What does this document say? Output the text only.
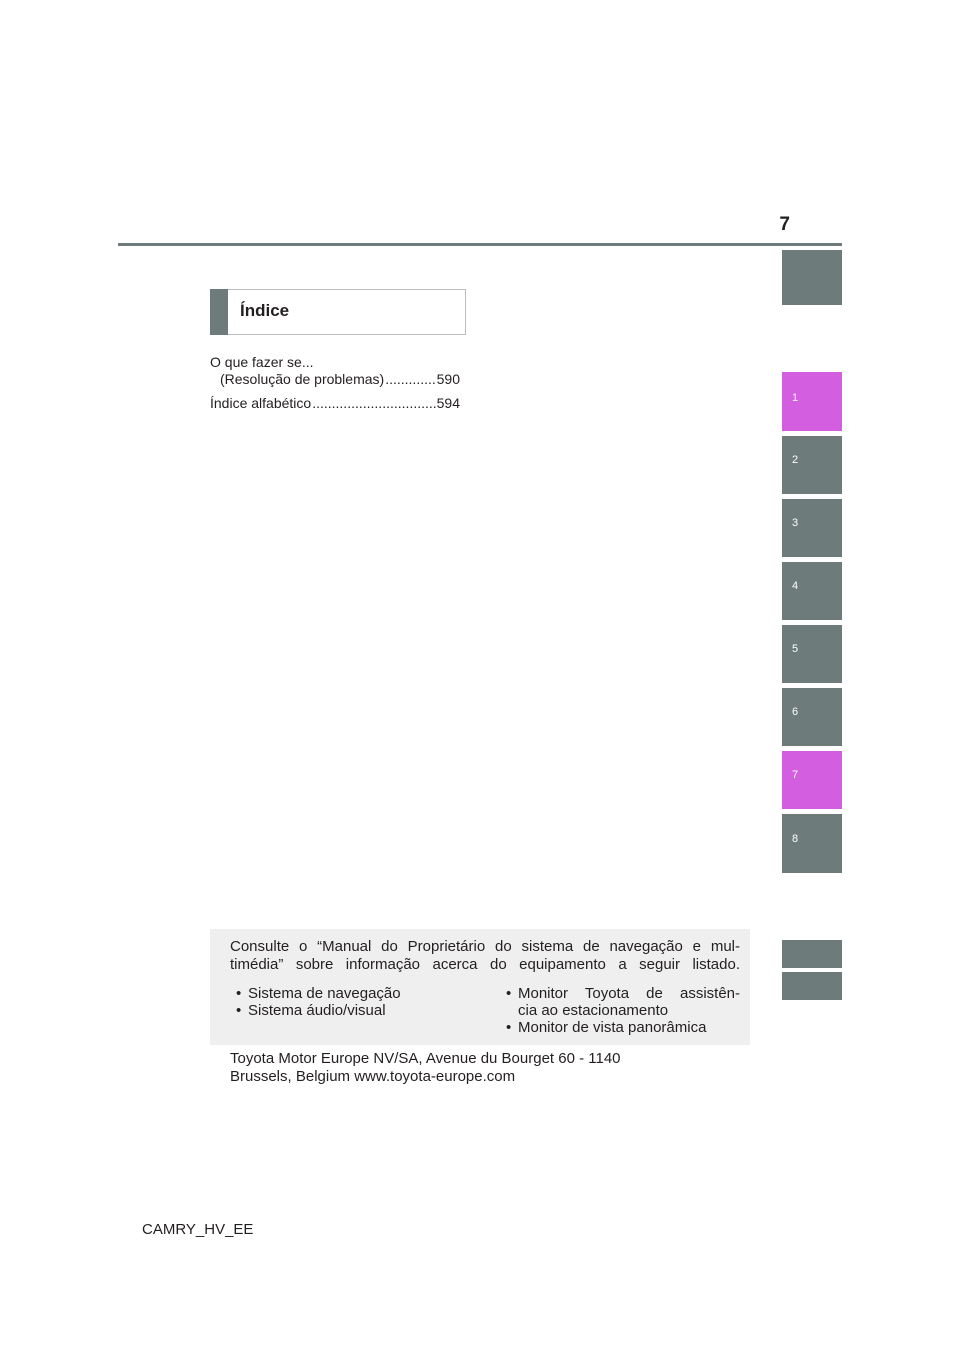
7
1
2
3
4
5
6
7
8
Índice
O que fazer se...
(Resolução de problemas) .....	590
Índice alfabético .....	594
Consulte o “Manual do Proprietário do sistema de navegação e mul-
timédia” sobre informação acerca do equipamento a seguir listado.
• Sistema de navegação
• Sistema áudio/visual
• Monitor Toyota de assistên-
cia ao estacionamento
• Monitor de vista panorâmica
Toyota Motor Europe NV/SA, Avenue du Bourget 60 - 1140
Brussels, Belgium www.toyota-europe.com
CAMRY_HV_EE
